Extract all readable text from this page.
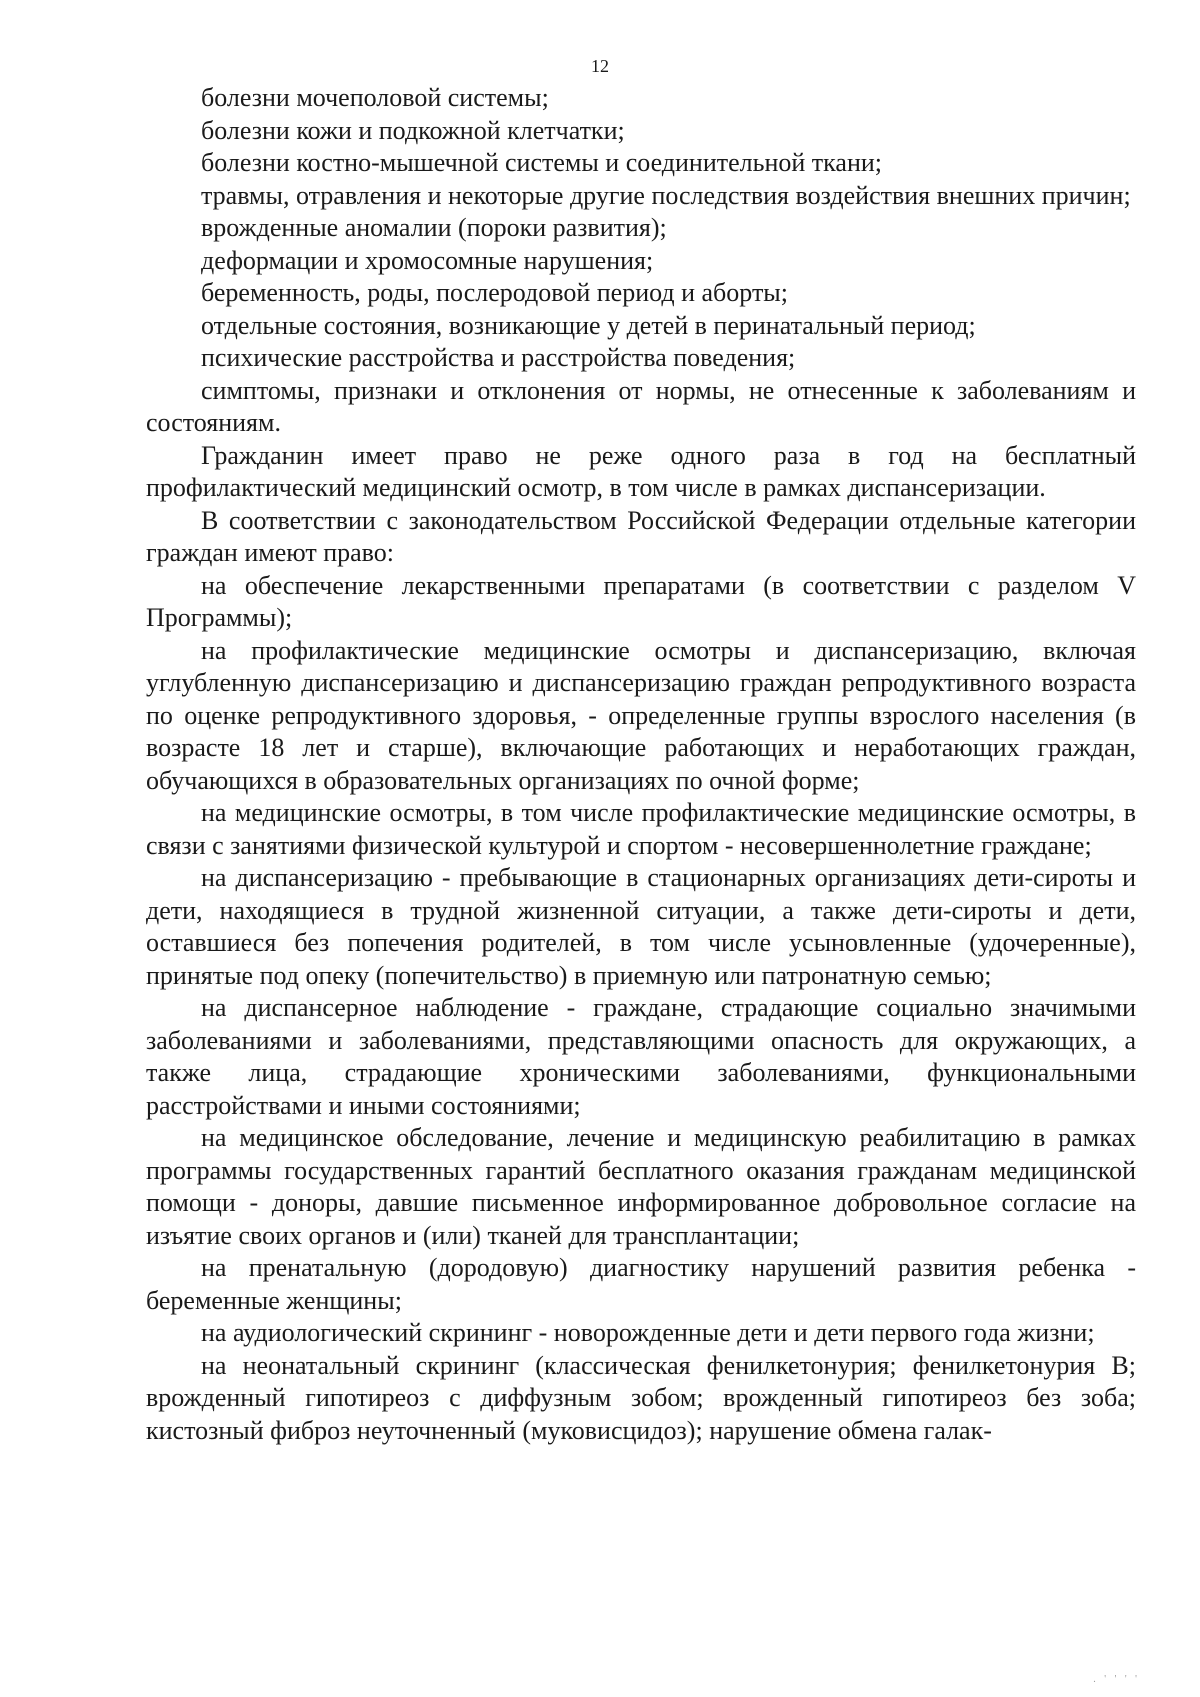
12

болезни мочеполовой системы;

болезни кожи и подкожной клетчатки;

болезни костно-мышечной системы и соединительной ткани;

травмы, отравления и некоторые другие последствия воздействия внешних причин;

врожденные аномалии (пороки развития);

деформации и хромосомные нарушения;

беременность, роды, послеродовой период и аборты;

отдельные состояния, возникающие у детей в перинатальный период;

психические расстройства и расстройства поведения;

симптомы, признаки и отклонения от нормы, не отнесенные к заболеваниям и состояниям.

Гражданин имеет право не реже одного раза в год на бесплатный профилактический медицинский осмотр, в том числе в рамках диспансеризации.

В соответствии с законодательством Российской Федерации отдельные категории граждан имеют право:

на обеспечение лекарственными препаратами (в соответствии с разделом V Программы);

на профилактические медицинские осмотры и диспансеризацию, включая углубленную диспансеризацию и диспансеризацию граждан репродуктивного возраста по оценке репродуктивного здоровья, - определенные группы взрослого населения (в возрасте 18 лет и старше), включающие работающих и неработающих граждан, обучающихся в образовательных организациях по очной форме;

на медицинские осмотры, в том числе профилактические медицинские осмотры, в связи с занятиями физической культурой и спортом - несовершеннолетние граждане;

на диспансеризацию - пребывающие в стационарных организациях дети-сироты и дети, находящиеся в трудной жизненной ситуации, а также дети-сироты и дети, оставшиеся без попечения родителей, в том числе усыновленные (удочеренные), принятые под опеку (попечительство) в приемную или патронатную семью;

на диспансерное наблюдение - граждане, страдающие социально значимыми заболеваниями и заболеваниями, представляющими опасность для окружающих, а также лица, страдающие хроническими заболеваниями, функциональными расстройствами и иными состояниями;

на медицинское обследование, лечение и медицинскую реабилитацию в рамках программы государственных гарантий бесплатного оказания гражданам медицинской помощи - доноры, давшие письменное информированное добровольное согласие на изъятие своих органов и (или) тканей для трансплантации;

на пренатальную (дородовую) диагностику нарушений развития ребенка - беременные женщины;

на аудиологический скрининг - новорожденные дети и дети первого года жизни;

на неонатальный скрининг (классическая фенилкетонурия; фенилкетонурия B; врожденный гипотиреоз с диффузным зобом; врожденный гипотиреоз без зоба; кистозный фиброз неуточненный (муковисцидоз); нарушение обмена галак-

. ' ' ' '
